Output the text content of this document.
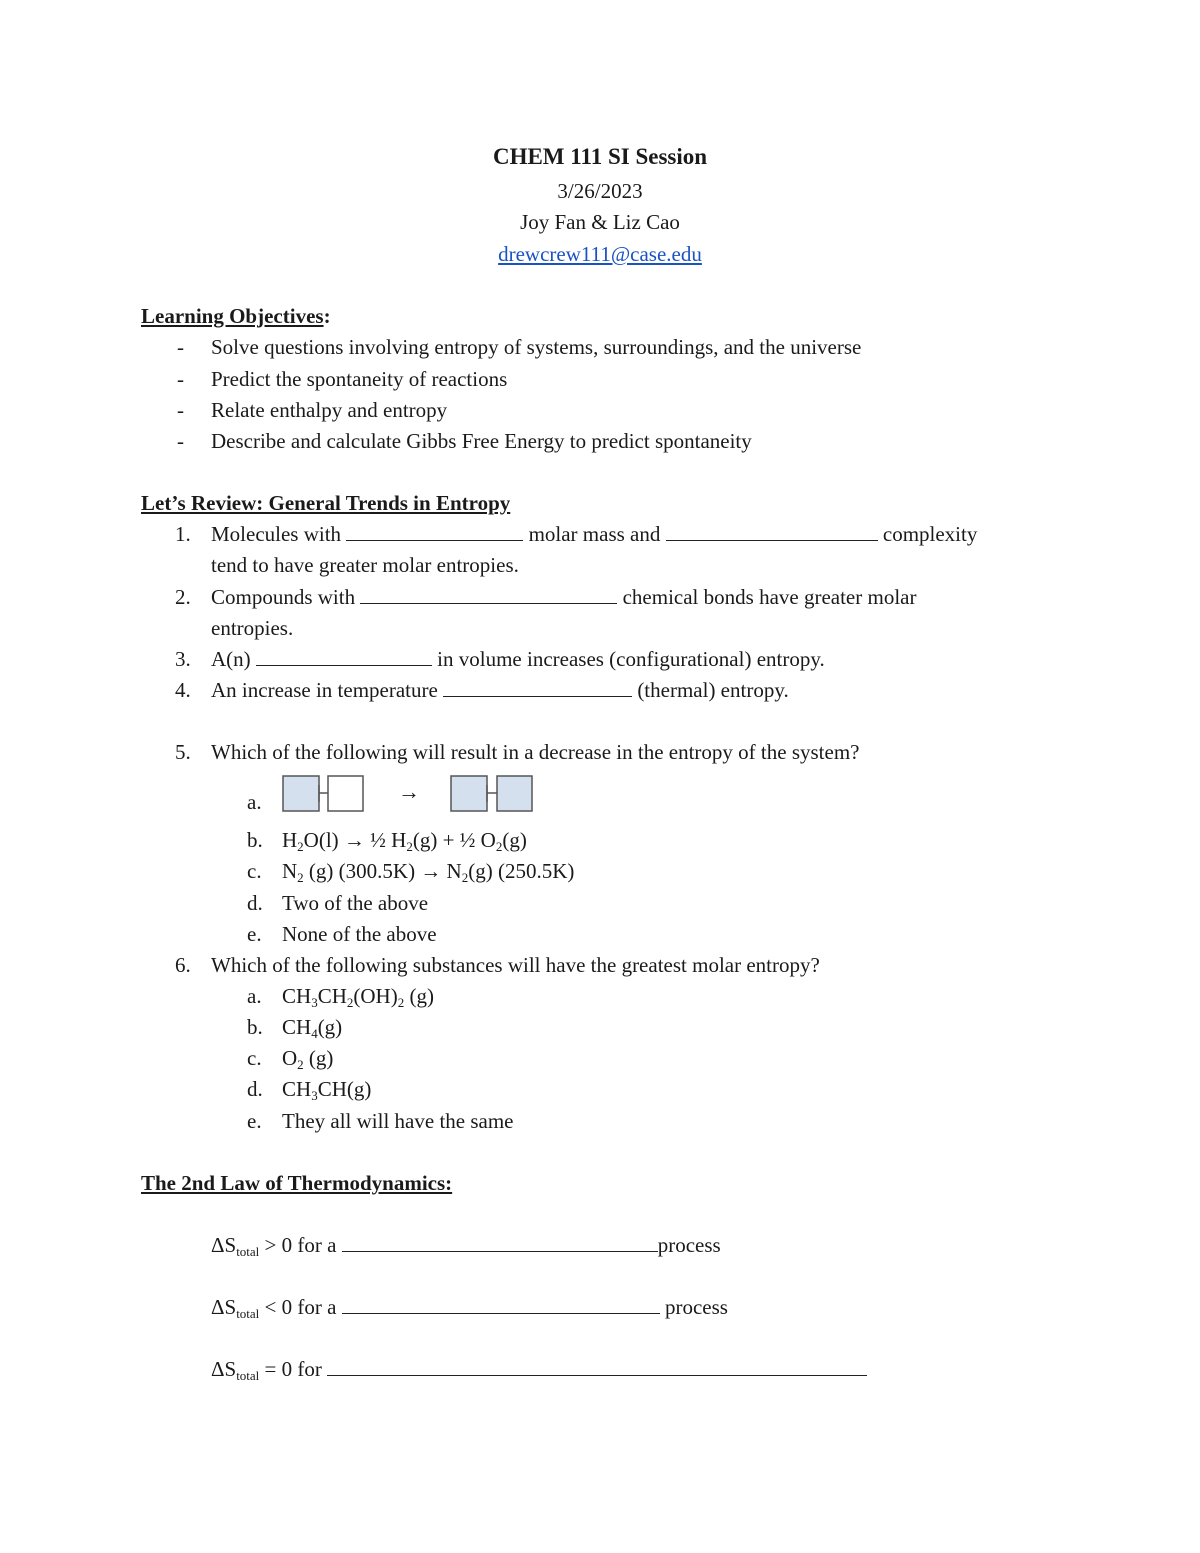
CHEM 111 SI Session
3/26/2023
Joy Fan & Liz Cao
drewcrew111@case.edu
Learning Objectives:
- Solve questions involving entropy of systems, surroundings, and the universe
- Predict the spontaneity of reactions
- Relate enthalpy and entropy
- Describe and calculate Gibbs Free Energy to predict spontaneity
Let’s Review: General Trends in Entropy
1. Molecules with	molar mass and	complexity
tend to have greater molar entropies.
2. Compounds with	chemical bonds have greater molar
entropies.
3. A(n)	in volume increases (configurational) entropy.
4. An increase in temperature	(thermal) entropy.
5. Which of the following will result in a decrease in the entropy of the system?
a.	→
b. $H_2O(l)$ → ½ $H_2(g)$ + ½ $O_2(g)$
c. $N_2$ (g) $(300.5K) \to N_2(g)$ (250.5K)
d. Two of the above
e. None of the above
6. Which of the following substances will have the greatest molar entropy?
a. $CH_3CH_2(OH)_2$ (g)
b. $CH_4(g)$
c. $O_2$ (g)
d. $CH_3CH(g)$
e. They all will have the same
The 2nd Law of Thermodynamics:
$\Delta S_{total} > 0$ for a	process
$\Delta S_{total} < 0$ for a	process
$\Delta S_{total} = 0$ for
